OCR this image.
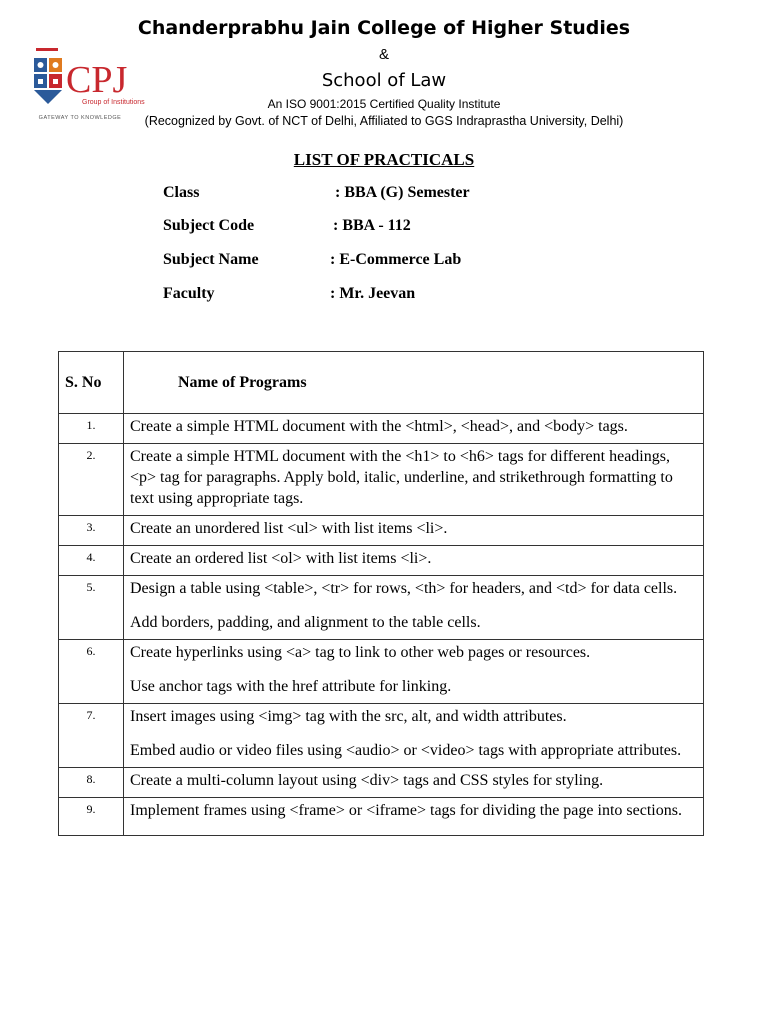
CPJ
Group of Institutions
GATEWAY TO KNOWLEDGE
Chanderprabhu Jain College of Higher Studies
&
School of Law
An ISO 9001:2015 Certified Quality Institute
(Recognized by Govt. of NCT of Delhi, Affiliated to GGS Indraprastha University, Delhi)
LIST OF PRACTICALS
Class	: BBA (G) Semester
Subject Code	: BBA - 112
Subject Name	: E-Commerce Lab
Faculty	: Mr. Jeevan
S. No	Name of Programs
1.	Create a simple HTML document with the <html>, <head>, and <body> tags.

2.	Create a simple HTML document with the <h1> to <h6> tags for different headings, <p> tag for paragraphs. Apply bold, italic, underline, and strikethrough formatting to text using appropriate tags.

3.	Create an unordered list <ul> with list items <li>.

4.	Create an ordered list <ol> with list items <li>.

5.	Design a table using <table>, <tr> for rows, <th> for headers, and <td> for data cells.

Add borders, padding, and alignment to the table cells.

6.	Create hyperlinks using <a> tag to link to other web pages or resources.

Use anchor tags with the href attribute for linking.

7.	Insert images using <img> tag with the src, alt, and width attributes.

Embed audio or video files using <audio> or <video> tags with appropriate attributes.

8.	Create a multi-column layout using <div> tags and CSS styles for styling.

9.	Implement frames using <frame> or <iframe> tags for dividing the page into sections.
